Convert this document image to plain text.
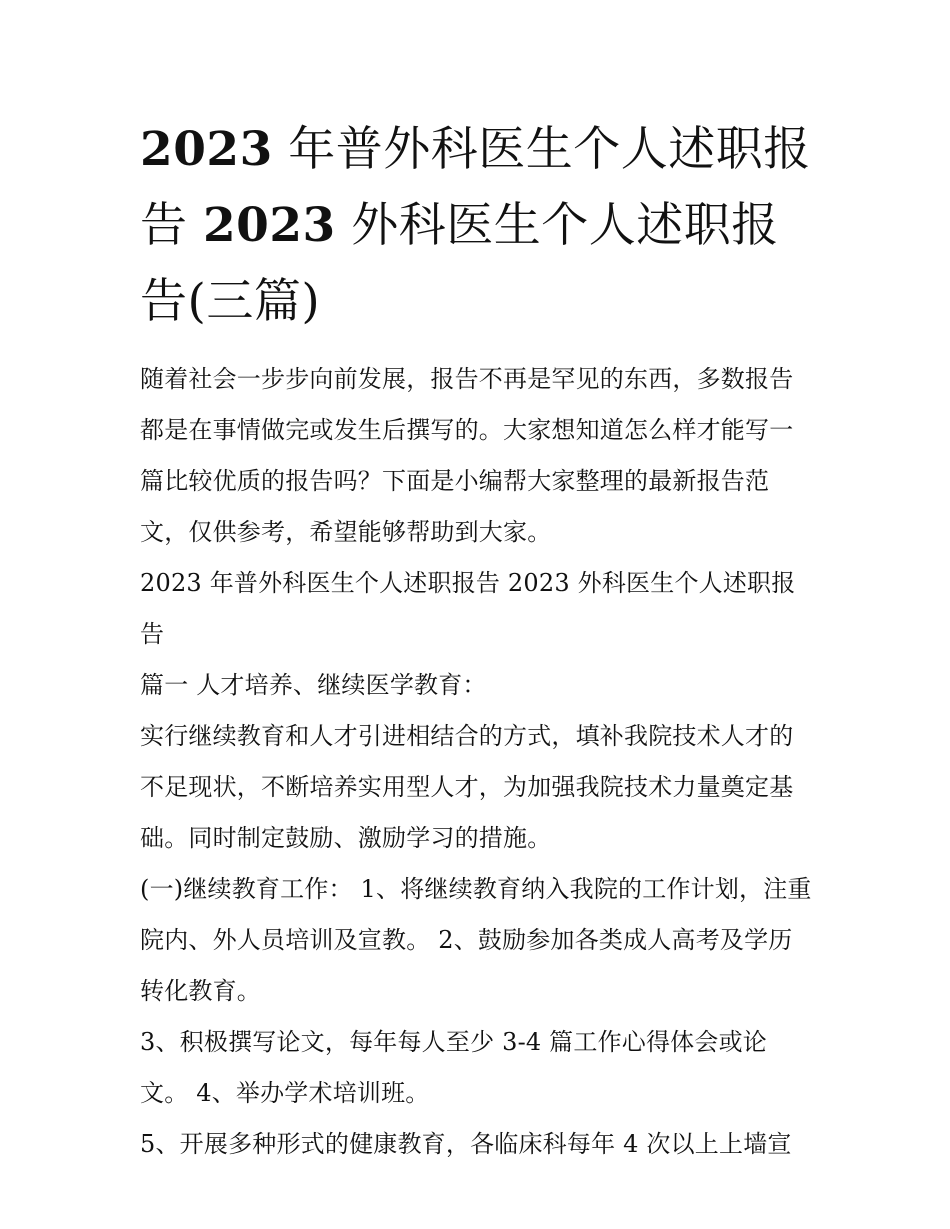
2023 年普外科医生个人述职报告 2023 外科医生个人述职报告(三篇)

随着社会一步步向前发展，报告不再是罕见的东西，多数报告都是在事情做完或发生后撰写的。大家想知道怎么样才能写一篇比较优质的报告吗？下面是小编帮大家整理的最新报告范文，仅供参考，希望能够帮助到大家。

2023 年普外科医生个人述职报告 2023 外科医生个人述职报告

篇一 人才培养、继续医学教育：

实行继续教育和人才引进相结合的方式，填补我院技术人才的不足现状，不断培养实用型人才，为加强我院技术力量奠定基础。同时制定鼓励、激励学习的措施。

(一)继续教育工作： 1、将继续教育纳入我院的工作计划，注重院内、外人员培训及宣教。 2、鼓励参加各类成人高考及学历转化教育。

3、积极撰写论文，每年每人至少 3-4 篇工作心得体会或论文。 4、举办学术培训班。

5、开展多种形式的健康教育，各临床科每年 4 次以上上墙宣
